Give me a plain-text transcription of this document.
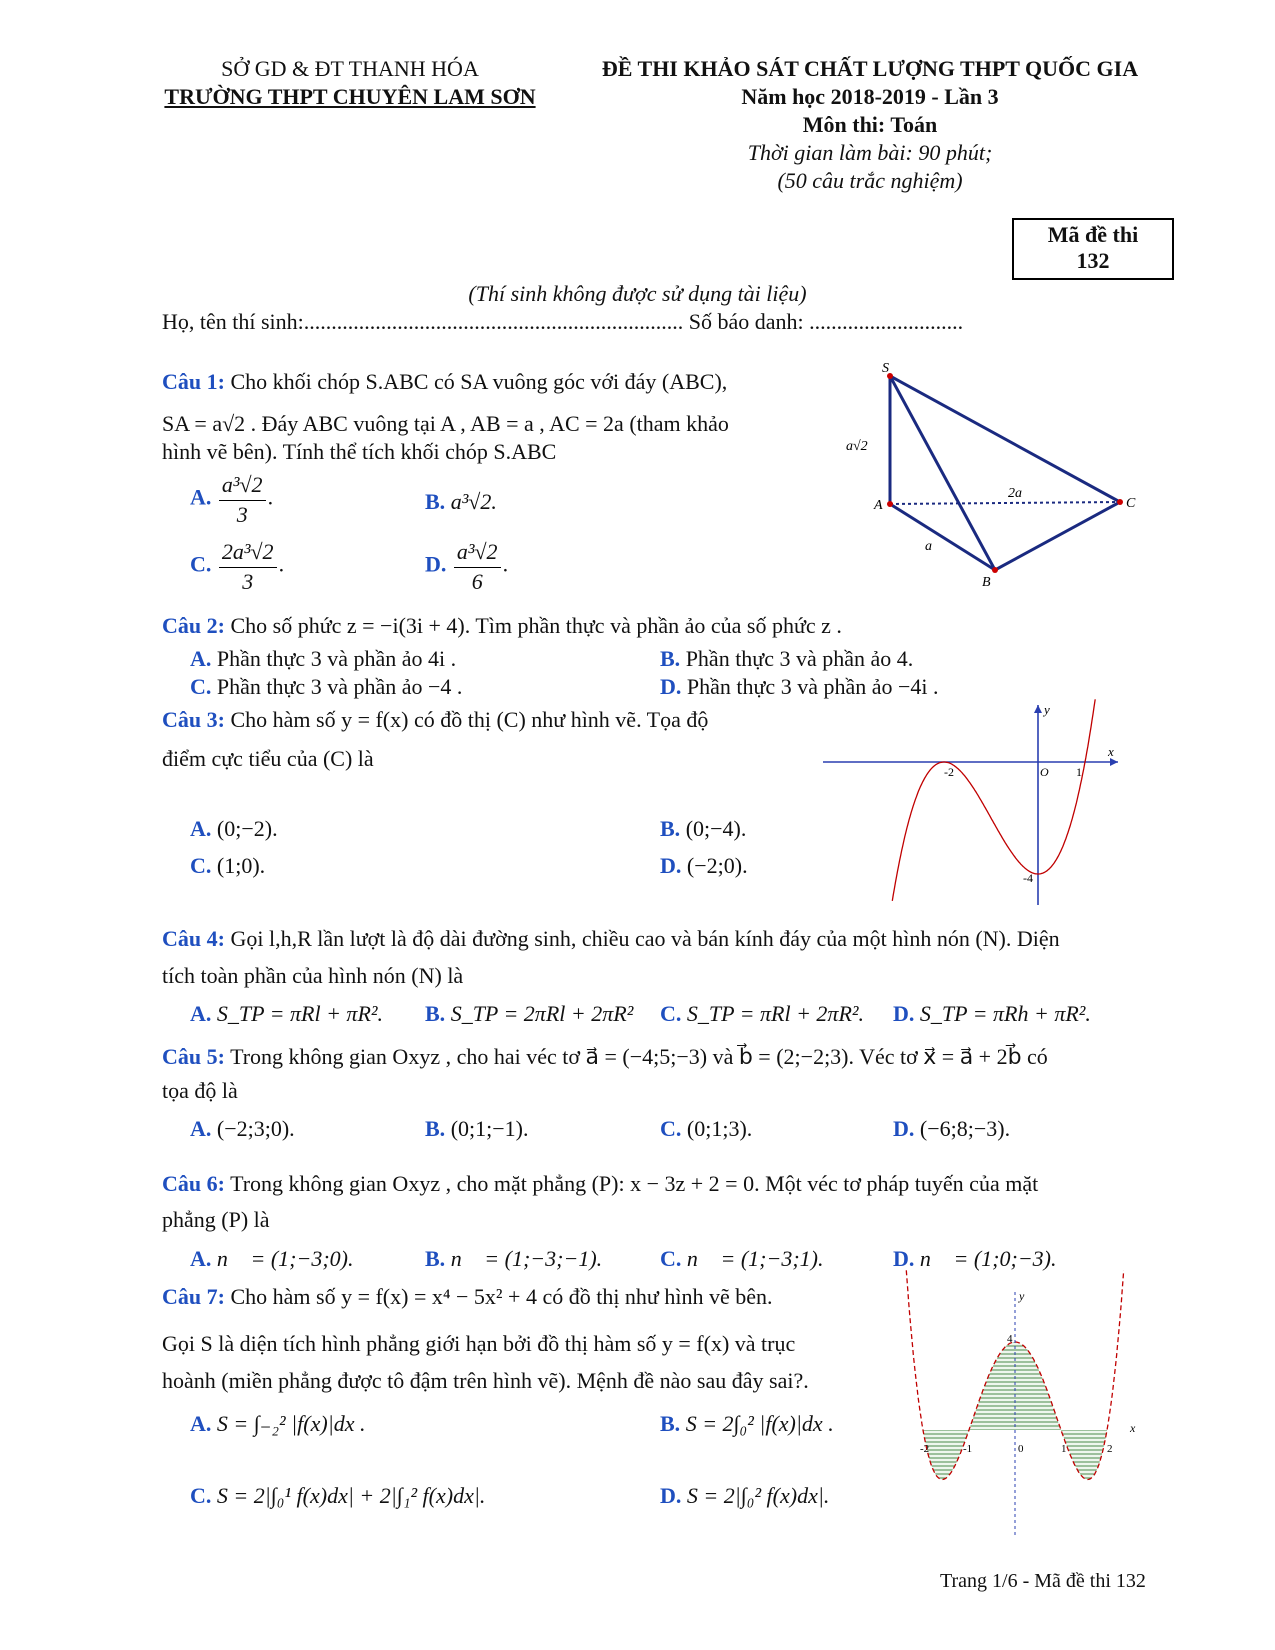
SỞ GD & ĐT THANH HÓA
TRƯỜNG THPT CHUYÊN LAM SƠN
ĐỀ THI KHẢO SÁT CHẤT LƯỢNG THPT QUỐC GIA
Năm học 2018-2019 - Lần 3
Môn thi: Toán
Thời gian làm bài: 90 phút;
(50 câu trắc nghiệm)
Mã đề thi
132
(Thí sinh không được sử dụng tài liệu)
Họ, tên thí sinh:..................................................................... Số báo danh: ............................
Câu 1: Cho khối chóp S.ABC có SA vuông góc với đáy (ABC),
SA = a√2 . Đáy ABC vuông tại A , AB = a , AC = 2a (tham khảo
hình vẽ bên). Tính thể tích khối chóp S.ABC
A. $\frac{\text{a³√2}}{3}$ .	B. a³√2.
C. $\frac{\text{2a³√2}}{3}$ .	D. $\frac{\text{a³√2}}{6}$ .
S
A
B
C
a√2
2a
a
Câu 2: Cho số phức z = −i(3i + 4). Tìm phần thực và phần ảo của số phức z .
A. Phần thực 3 và phần ảo 4i .	B. Phần thực 3 và phần ảo 4.
C. Phần thực 3 và phần ảo −4 .	D. Phần thực 3 và phần ảo −4i .
Câu 3: Cho hàm số y = f(x) có đồ thị (C) như hình vẽ. Tọa độ
điểm cực tiểu của (C) là
A. (0;−2).	B. (0;−4).
C. (1;0).	D. (−2;0).
y
x
O
-2	1
-4
Câu 4: Gọi l,h,R lần lượt là độ dài đường sinh, chiều cao và bán kính đáy của một hình nón (N). Diện
tích toàn phần của hình nón (N) là
A. S_TP = πRl + πR². B. S_TP = 2πRl + 2πR² C. S_TP = πRl + 2πR². D. S_TP = πRh + πR².
Câu 5: Trong không gian Oxyz , cho hai véc tơ a⃗ = (−4;5;−3) và b⃗ = (2;−2;3). Véc tơ x⃗ = a⃗ + 2b⃗ có
tọa độ là
A. (−2;3;0).	B. (0;1;−1).	C. (0;1;3).	D. (−6;8;−3).
Câu 6: Trong không gian Oxyz , cho mặt phẳng (P): x − 3z + 2 = 0. Một véc tơ pháp tuyến của mặt
phẳng (P) là
A. n⃗ = (1;−3;0).	B. n⃗ = (1;−3;−1).	C. n⃗ = (1;−3;1).	D. n⃗ = (1;0;−3).
Câu 7: Cho hàm số y = f(x) = x⁴ − 5x² + 4 có đồ thị như hình vẽ bên.
Gọi S là diện tích hình phẳng giới hạn bởi đồ thị hàm số y = f(x) và trục
hoành (miền phẳng được tô đậm trên hình vẽ). Mệnh đề nào sau đây sai?.
A. S = ∫₋₂² |f(x)|dx .	B. S = 2∫₀² |f(x)|dx .
C. S = 2|∫₀¹ f(x)dx| + 2|∫₁² f(x)dx|.	D. S = 2|∫₀² f(x)dx|.
y
x
4
-2	-1	0	1	2
Trang 1/6 - Mã đề thi 132
